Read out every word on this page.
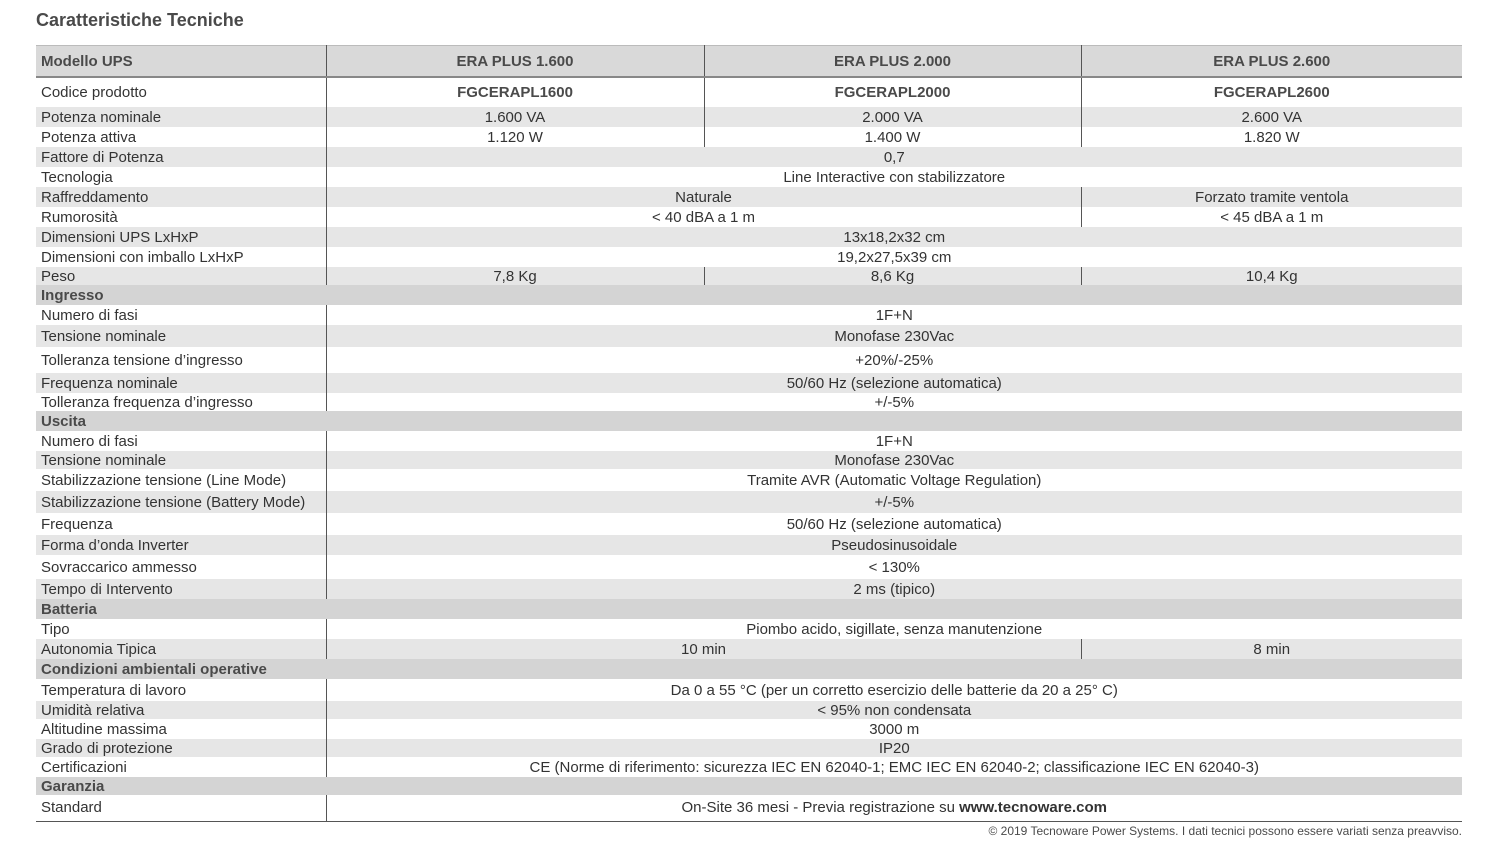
Caratteristiche Tecniche
Modello UPS	ERA PLUS 1.600	ERA PLUS 2.000	ERA PLUS 2.600
Codice prodotto	FGCERAPL1600	FGCERAPL2000	FGCERAPL2600
Potenza nominale	1.600 VA	2.000 VA	2.600 VA
Potenza attiva	1.120 W	1.400 W	1.820 W
Fattore di Potenza	0,7		
Tecnologia	Line Interactive con stabilizzatore		
Raffreddamento	Naturale		Forzato tramite ventola
Rumorosità	< 40 dBA a 1 m		< 45 dBA a 1 m
Dimensioni UPS LxHxP	13x18,2x32 cm		
Dimensioni con imballo LxHxP	19,2x27,5x39 cm		
Peso	7,8 Kg	8,6 Kg	10,4 Kg
Ingresso			
Numero di fasi	1F+N		
Tensione nominale	Monofase 230Vac		
Tolleranza tensione d’ingresso	+20%/-25%		
Frequenza nominale	50/60 Hz (selezione automatica)		
Tolleranza frequenza d’ingresso	+/-5%		
Uscita			
Numero di fasi	1F+N		
Tensione nominale	Monofase 230Vac		
Stabilizzazione tensione (Line Mode)	Tramite AVR (Automatic Voltage Regulation)		
Stabilizzazione tensione (Battery Mode)	+/-5%		
Frequenza	50/60 Hz (selezione automatica)		
Forma d’onda Inverter	Pseudosinusoidale		
Sovraccarico ammesso	< 130%		
Tempo di Intervento	2 ms (tipico)		
Batteria			
Tipo	Piombo acido, sigillate, senza manutenzione		
Autonomia Tipica	10 min		8 min
Condizioni ambientali operative			
Temperatura di lavoro	Da 0 a 55 °C (per un corretto esercizio delle batterie da 20 a 25° C)		
Umidità relativa	< 95% non condensata		
Altitudine massima	3000 m		
Grado di protezione	IP20		
Certificazioni	CE (Norme di riferimento: sicurezza IEC EN 62040-1; EMC IEC EN 62040-2; classificazione IEC EN 62040-3)		
Garanzia			
Standard	On-Site 36 mesi - Previa registrazione su www.tecnoware.com		
© 2019 Tecnoware Power Systems. I dati tecnici possono essere variati senza preavviso.
